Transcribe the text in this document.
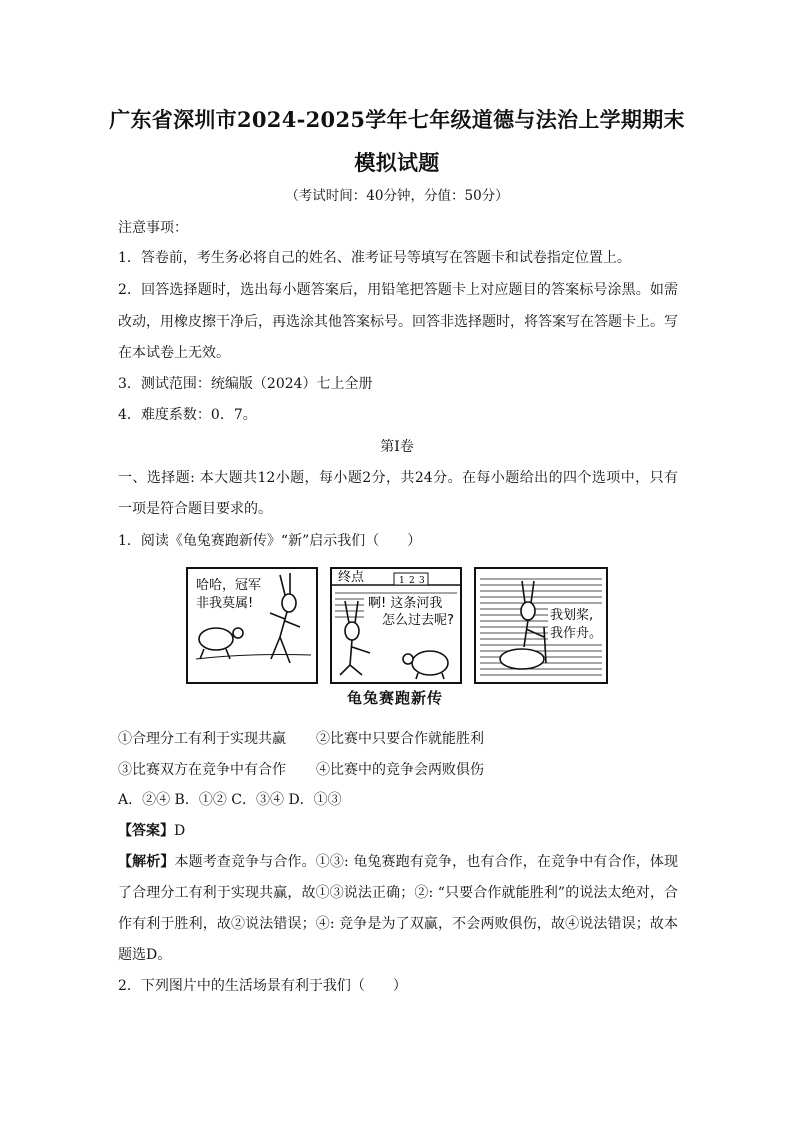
广东省深圳市2024-2025学年七年级道德与法治上学期期末
模拟试题
（考试时间：40分钟，分值：50分）
注意事项：
1．答卷前，考生务必将自己的姓名、准考证号等填写在答题卡和试卷指定位置上。
2．回答选择题时，选出每小题答案后，用铅笔把答题卡上对应题目的答案标号涂黑。如需
改动，用橡皮擦干净后，再选涂其他答案标号。回答非选择题时，将答案写在答题卡上。写
在本试卷上无效。
3．测试范围：统编版（2024）七上全册
4．难度系数：0．7。
第Ⅰ卷
一、选择题: 本大题共12小题，每小题2分，共24分。在每小题给出的四个选项中，只有
一项是符合题目要求的。
1．阅读《龟兔赛跑新传》“新”启示我们（　　）
哈哈，冠军
非我莫属!
终点	1 2 3
啊! 这条河我
怎么过去呢?	我划桨,
我作舟。
龟兔赛跑新传
①合理分工有利于实现共赢 ②比赛中只要合作就能胜利
③比赛双方在竞争中有合作 ④比赛中的竞争会两败俱伤
A．②④ B．①② C．③④ D．①③
【答案】D
【解析】本题考查竞争与合作。①③: 龟兔赛跑有竞争，也有合作，在竞争中有合作，体现
了合理分工有利于实现共赢，故①③说法正确；②: “只要合作就能胜利”的说法太绝对，合
作有利于胜利，故②说法错误；④: 竞争是为了双赢，不会两败俱伤，故④说法错误；故本
题选D。
2．下列图片中的生活场景有利于我们（　　）
